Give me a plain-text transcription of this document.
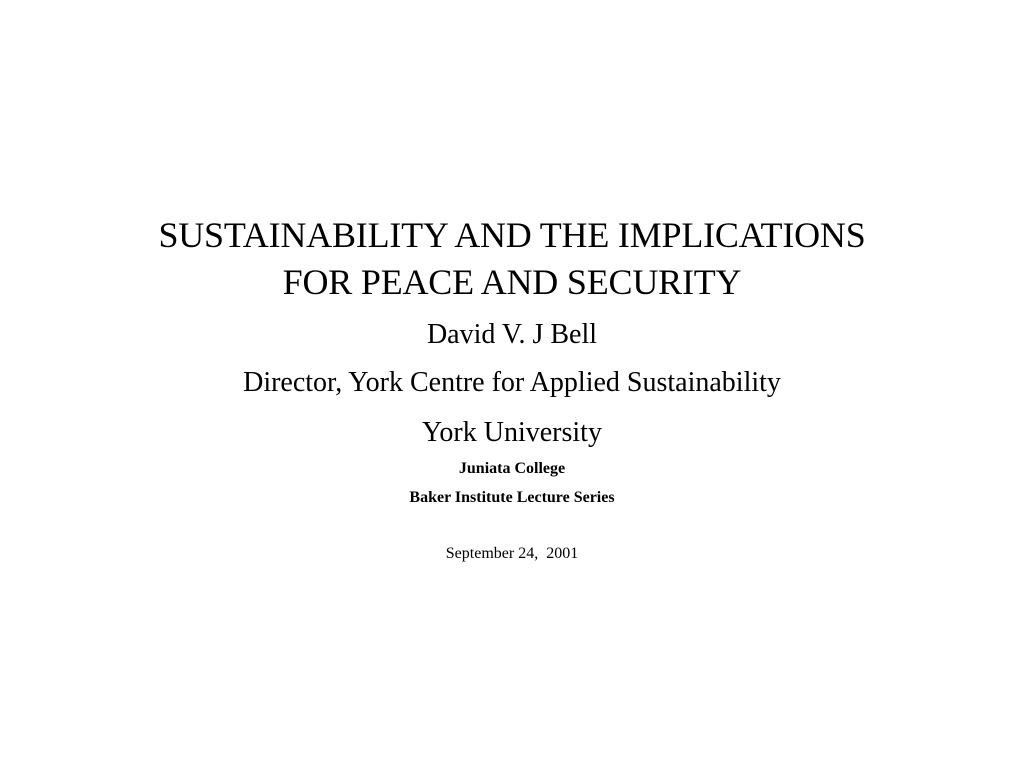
SUSTAINABILITY AND THE IMPLICATIONS
FOR PEACE AND SECURITY
David V. J Bell
Director, York Centre for Applied Sustainability
York University
Juniata College
Baker Institute Lecture Series
September 24,  2001
